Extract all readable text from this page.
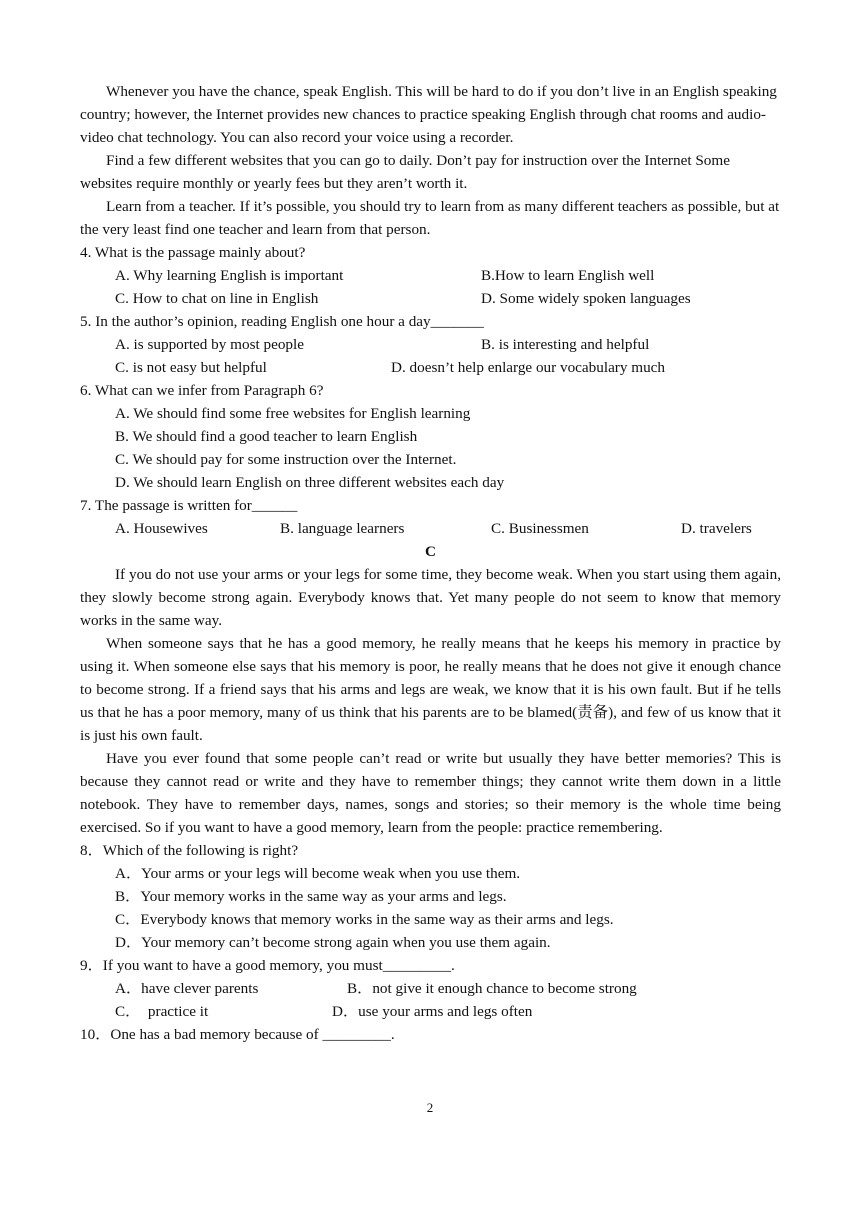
Whenever you have the chance, speak English. This will be hard to do if you don’t live in an English speaking country; however, the Internet provides new chances to practice speaking English through chat rooms and audio-video chat technology. You can also record your voice using a recorder.

Find a few different websites that you can go to daily. Don’t pay for instruction over the Internet Some websites require monthly or yearly fees but they aren’t worth it.

Learn from a teacher. If it’s possible, you should try to learn from as many different teachers as possible, but at the very least find one teacher and learn from that person.

4. What is the passage mainly about?

A. Why learning English is important	B.How to learn English well
C. How to chat on line in English	D. Some widely spoken languages

5. In the author’s opinion, reading English one hour a day_______

A. is supported by most people	B. is interesting and helpful
C. is not easy but helpful	D. doesn’t help enlarge our vocabulary much

6. What can we infer from Paragraph 6?

A. We should find some free websites for English learning
B. We should find a good teacher to learn English
C. We should pay for some instruction over the Internet.
D. We should learn English on three different websites each day

7. The passage is written for______

A. Housewives	B. language learners	C. Businessmen	D. travelers

C

If you do not use your arms or your legs for some time, they become weak. When you start using them again, they slowly become strong again. Everybody knows that. Yet many people do not seem to know that memory works in the same way.

When someone says that he has a good memory, he really means that he keeps his memory in practice by using it. When someone else says that his memory is poor, he really means that he does not give it enough chance to become strong. If a friend says that his arms and legs are weak, we know that it is his own fault. But if he tells us that he has a poor memory, many of us think that his parents are to be blamed(责备), and few of us know that it is just his own fault.

Have you ever found that some people can’t read or write but usually they have better memories? This is because they cannot read or write and they have to remember things; they cannot write them down in a little notebook. They have to remember days, names, songs and stories; so their memory is the whole time being exercised. So if you want to have a good memory, learn from the people: practice remembering.

8．Which of the following is right?

A．Your arms or your legs will become weak when you use them.
B．Your memory works in the same way as your arms and legs.
C．Everybody knows that memory works in the same way as their arms and legs.
D．Your memory can’t become strong again when you use them again.

9．If you want to have a good memory, you must_________.

A．have clever parents	B．not give it enough chance to become strong
C．  practice it	D．use your arms and legs often

10．One has a bad memory because of _________.

2
